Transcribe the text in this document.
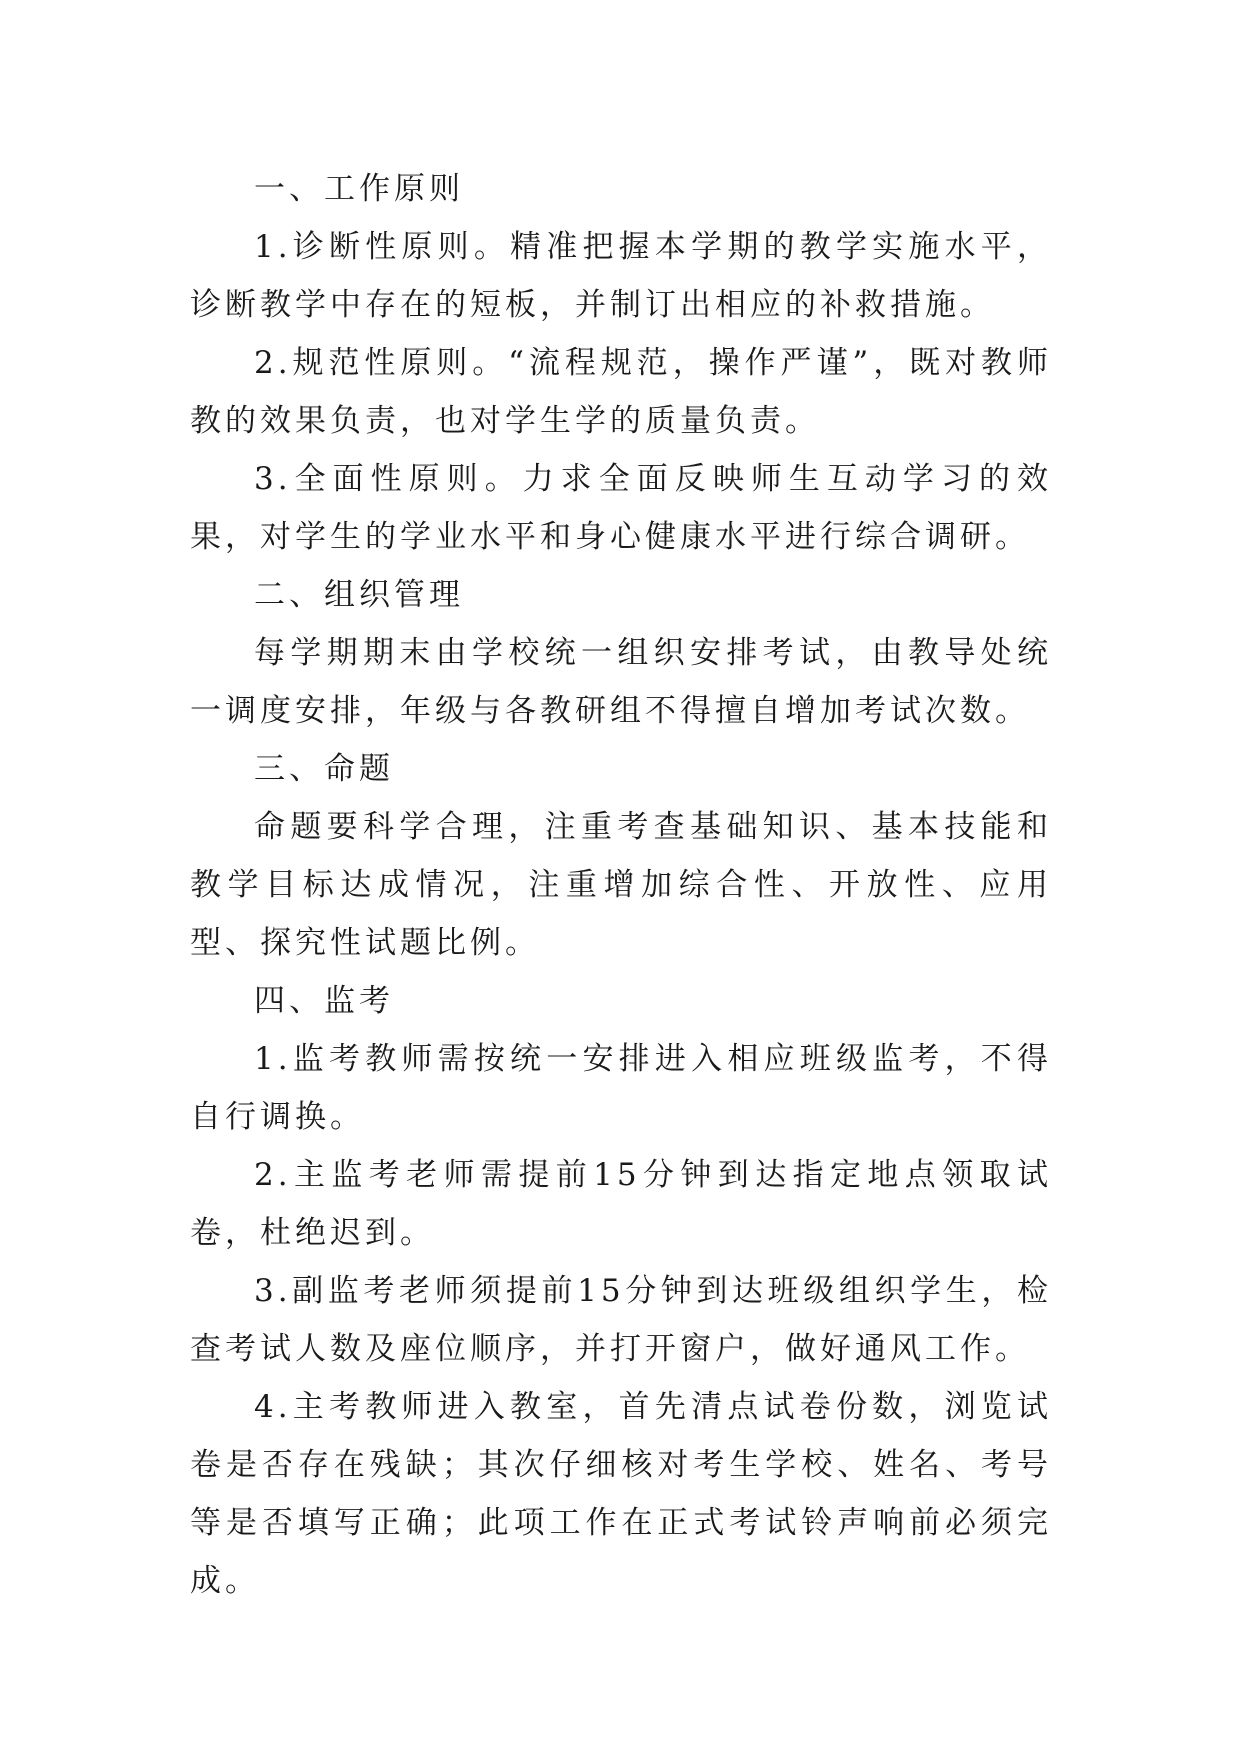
一、工作原则

1.诊断性原则。精准把握本学期的教学实施水平，诊断教学中存在的短板，并制订出相应的补救措施。

2.规范性原则。“流程规范，操作严谨”，既对教师教的效果负责，也对学生学的质量负责。

3.全面性原则。力求全面反映师生互动学习的效果，对学生的学业水平和身心健康水平进行综合调研。

二、组织管理

每学期期末由学校统一组织安排考试，由教导处统一调度安排，年级与各教研组不得擅自增加考试次数。

三、命题

命题要科学合理，注重考查基础知识、基本技能和教学目标达成情况，注重增加综合性、开放性、应用型、探究性试题比例。

四、监考

1.监考教师需按统一安排进入相应班级监考，不得自行调换。

2.主监考老师需提前15分钟到达指定地点领取试卷，杜绝迟到。

3.副监考老师须提前15分钟到达班级组织学生，检查考试人数及座位顺序，并打开窗户，做好通风工作。

4.主考教师进入教室，首先清点试卷份数，浏览试卷是否存在残缺；其次仔细核对考生学校、姓名、考号等是否填写正确；此项工作在正式考试铃声响前必须完成。
